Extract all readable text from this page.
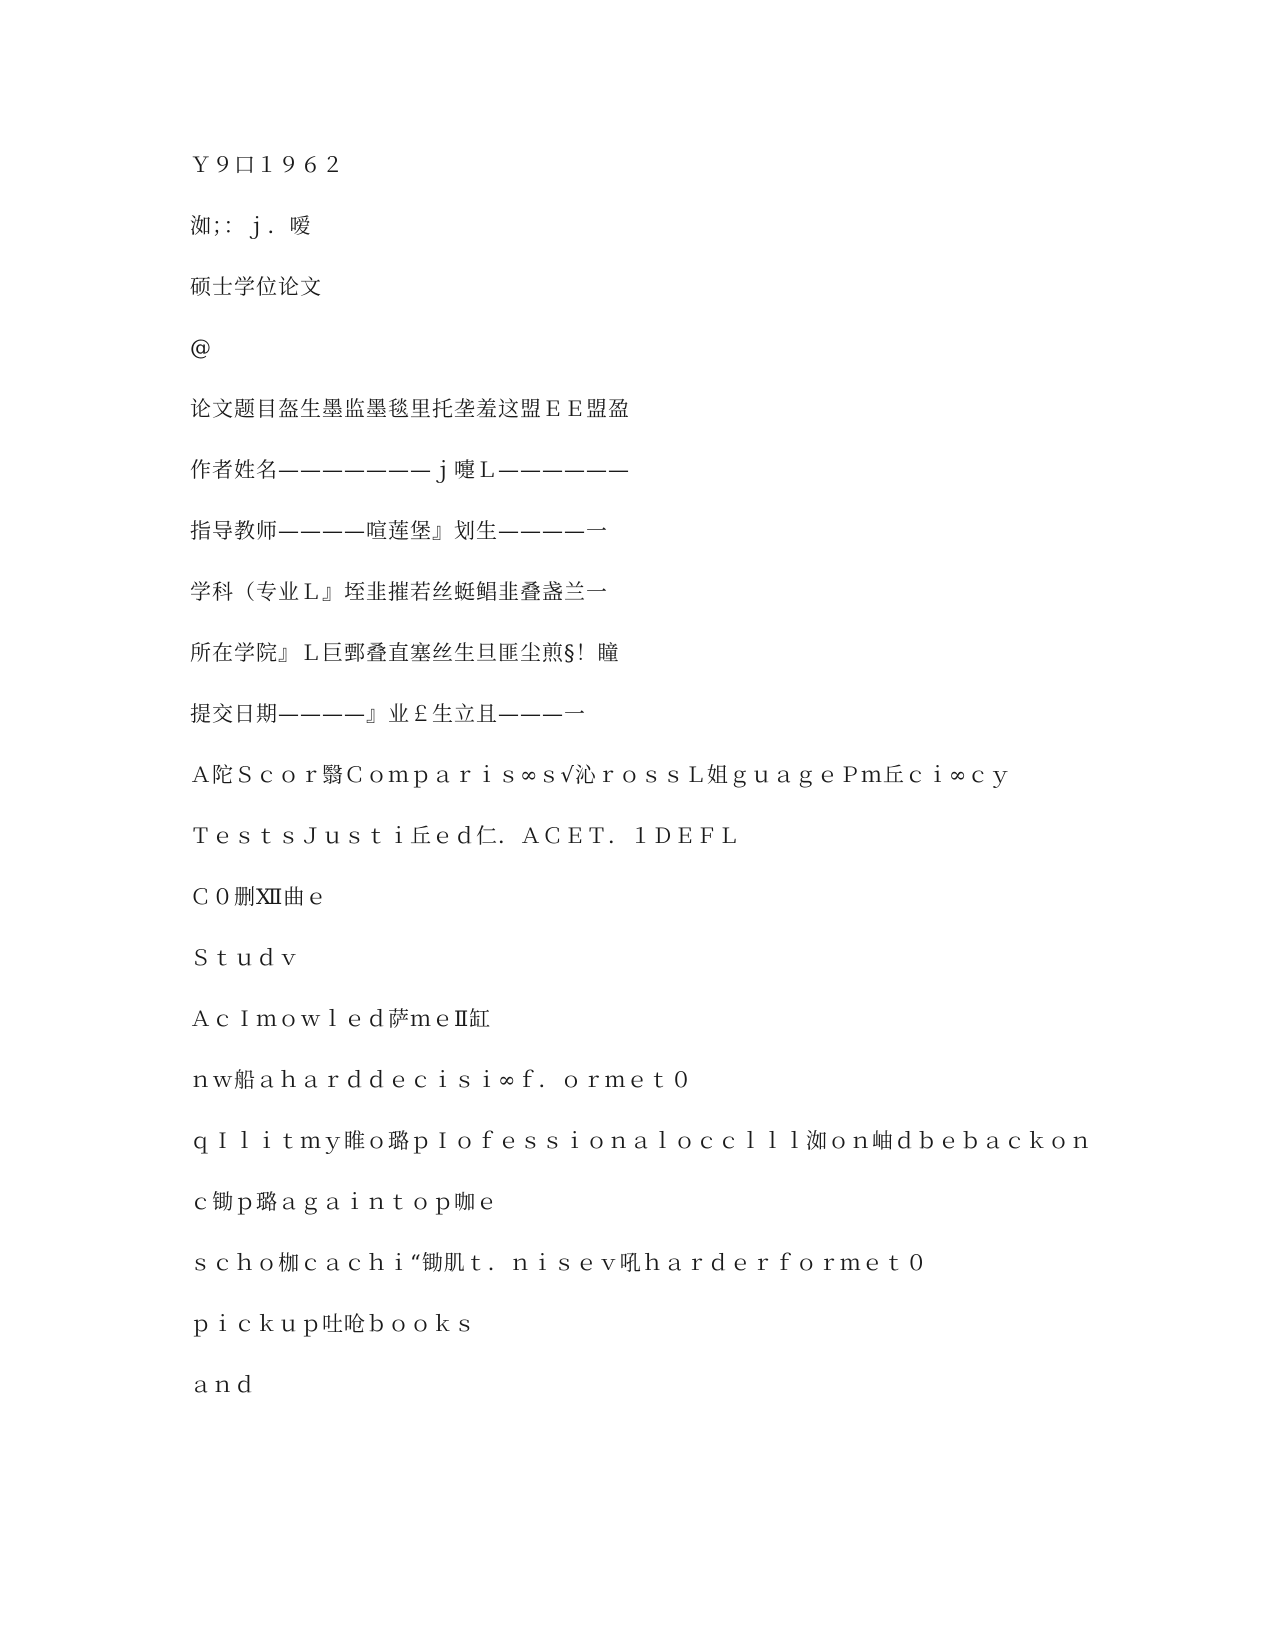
Ｙ９口１９６２
洳；：ｊ．嗳
硕士学位论文
@
论文题目盔生墨监墨毯里托垄羞这盟ＥＥ盟盈
作者姓名———————ｊ嚏Ｌ——————
指导教师————喧莲堡』划生————一
学科（专业Ｌ』垤韭摧若丝蜓鲳韭叠盏兰一
所在学院』Ｌ巨鄄叠直塞丝生旦匪尘煎§！瞳
提交日期————』业￡生立且———一
Ａ陀Ｓｃｏｒ翳Ｃｏｍｐａｒｉｓ∞ｓ√沁ｒｏｓｓＬ姐ｇｕａｇｅＰｍ丘ｃｉ∞ｃｙ
ＴｅｓｔｓＪｕｓｔｉ丘ｅｄ仁．ＡＣＥＴ．１ＤＥＦＬ
Ｃ０删Ⅻ曲ｅ
Ｓｔｕｄｖ
ＡｃＩｍｏｗｌｅｄ萨ｍｅⅡ缸
ｎｗ船ａｈａｒｄｄｅｃｉｓｉ∞ｆ．ｏｒｍｅｔ０
ｑＩｌｉｔｍｙ睢ｏ璐ｐＩｏｆｅｓｓｉｏｎａｌｏｃｃｌｌｌ洳ｏｎ岫ｄｂｅｂａｃｋｏｎ
ｃ锄ｐ璐ａｇａｉｎｔｏｐ咖ｅ
ｓｃｈｏ枷ｃａｃｈｉ“锄肌ｔ．ｎｉｓｅｖ吼ｈａｒｄｅｒｆｏｒｍｅｔ０
ｐｉｃｋｕｐ吐呛ｂｏｏｋｓ
ａｎｄ
